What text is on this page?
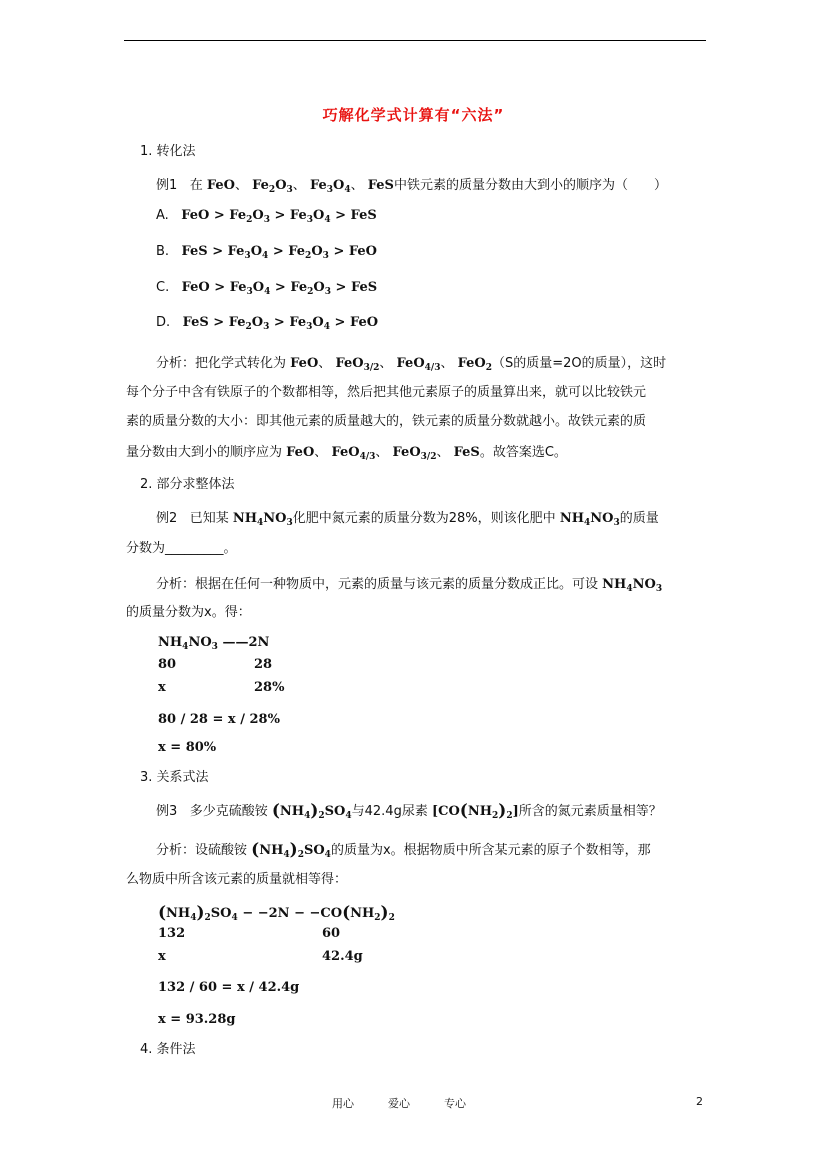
巧解化学式计算有“六法”
1. 转化法
例1 在 FeO、 $Fe_2O_3$、 $Fe_3O_4$、 FeS中铁元素的质量分数由大到小的顺序为（　　）
A. FeO > $Fe_2O_3 > Fe_3O_4$ > FeS
B. FeS > $Fe_3O_4 > Fe_2O_3$ > FeO
C. FeO > $Fe_3O_4 > Fe_2O_3$ > FeS
D. FeS > $Fe_2O_3 > Fe_3O_4$ > FeO
分析：把化学式转化为 FeO、 FeO$_{3/2}$、 FeO$_{4/3}$、 FeO$_2$（S的质量=2O的质量），这时
每个分子中含有铁原子的个数都相等，然后把其他元素原子的质量算出来，就可以比较铁元
素的质量分数的大小：即其他元素的质量越大的，铁元素的质量分数就越小。故铁元素的质
量分数由大到小的顺序应为 FeO、 FeO$_{4/3}$、 FeO$_{3/2}$、 FeS。故答案选C。
2. 部分求整体法
例2 已知某 $NH_4NO_3$化肥中氮元素的质量分数为28%，则该化肥中 $NH_4NO_3$的质量
分数为_________。
分析：根据在任何一种物质中，元素的质量与该元素的质量分数成正比。可设 $NH_4NO_3$
的质量分数为x。得：
$NH_4NO_3$ ——2N
80	28
x	28%
80 / 28 = x / 28%
x = 80%
3. 关系式法
例3 多少克硫酸铵 $(NH_4)_2SO_4$与42.4g尿素 $[CO(NH_2)_2]$所含的氮元素质量相等？
分析：设硫酸铵 $(NH_4)_2SO_4$的质量为x。根据物质中所含某元素的原子个数相等，那
么物质中所含该元素的质量就相等得：
$(NH_4)_2SO_4 - -2N - -CO(NH_2)_2$
132	60
x	42.4g
132 / 60 = x / 42.4g
x = 93.28g
4. 条件法
用心	爱心	专心	2
